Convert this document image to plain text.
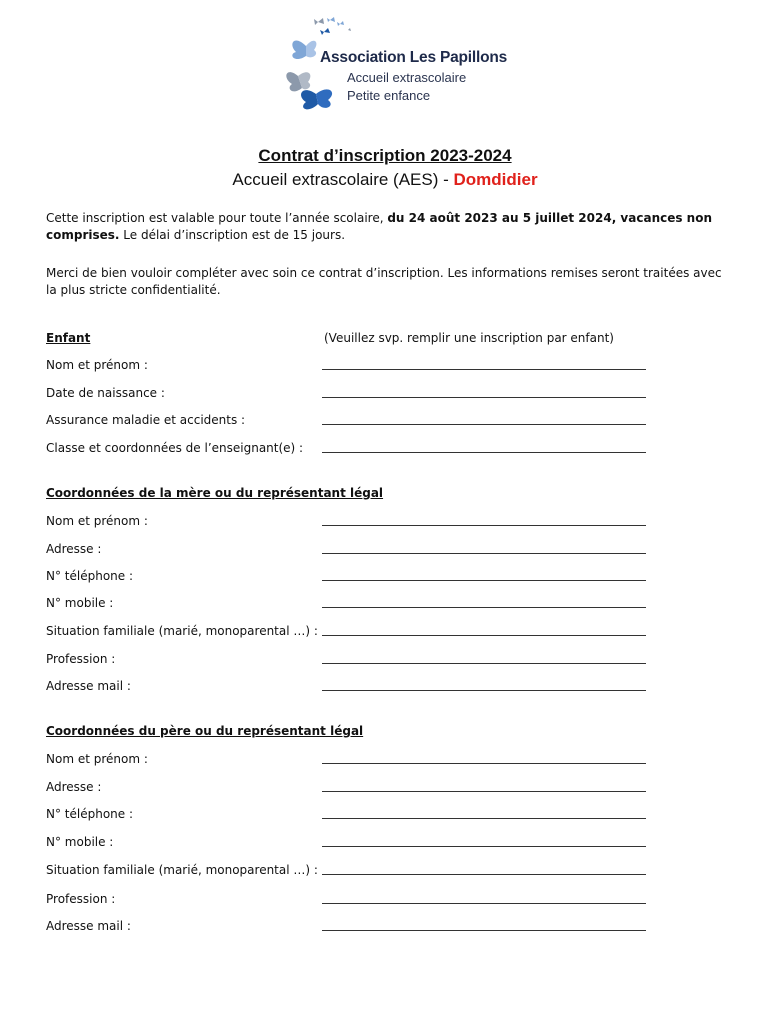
Association Les Papillons
Accueil extrascolaire
Petite enfance
Contrat d’inscription 2023-2024
Accueil extrascolaire (AES) - Domdidier
Cette inscription est valable pour toute l’année scolaire, du 24 août 2023 au 5 juillet 2024, vacances non comprises. Le délai d’inscription est de 15 jours.
Merci de bien vouloir compléter avec soin ce contrat d’inscription. Les informations remises seront traitées avec la plus stricte confidentialité.
Enfant	(Veuillez svp. remplir une inscription par enfant)
Nom et prénom :
Date de naissance :
Assurance maladie et accidents :
Classe et coordonnées de l’enseignant(e) :
Coordonnées de la mère ou du représentant légal
Nom et prénom :
Adresse :
N° téléphone :
N° mobile :
Situation familiale (marié, monoparental …) :
Profession :
Adresse mail :
Coordonnées du père ou du représentant légal
Nom et prénom :
Adresse :
N° téléphone :
N° mobile :
Situation familiale (marié, monoparental …) :
Profession :
Adresse mail :
